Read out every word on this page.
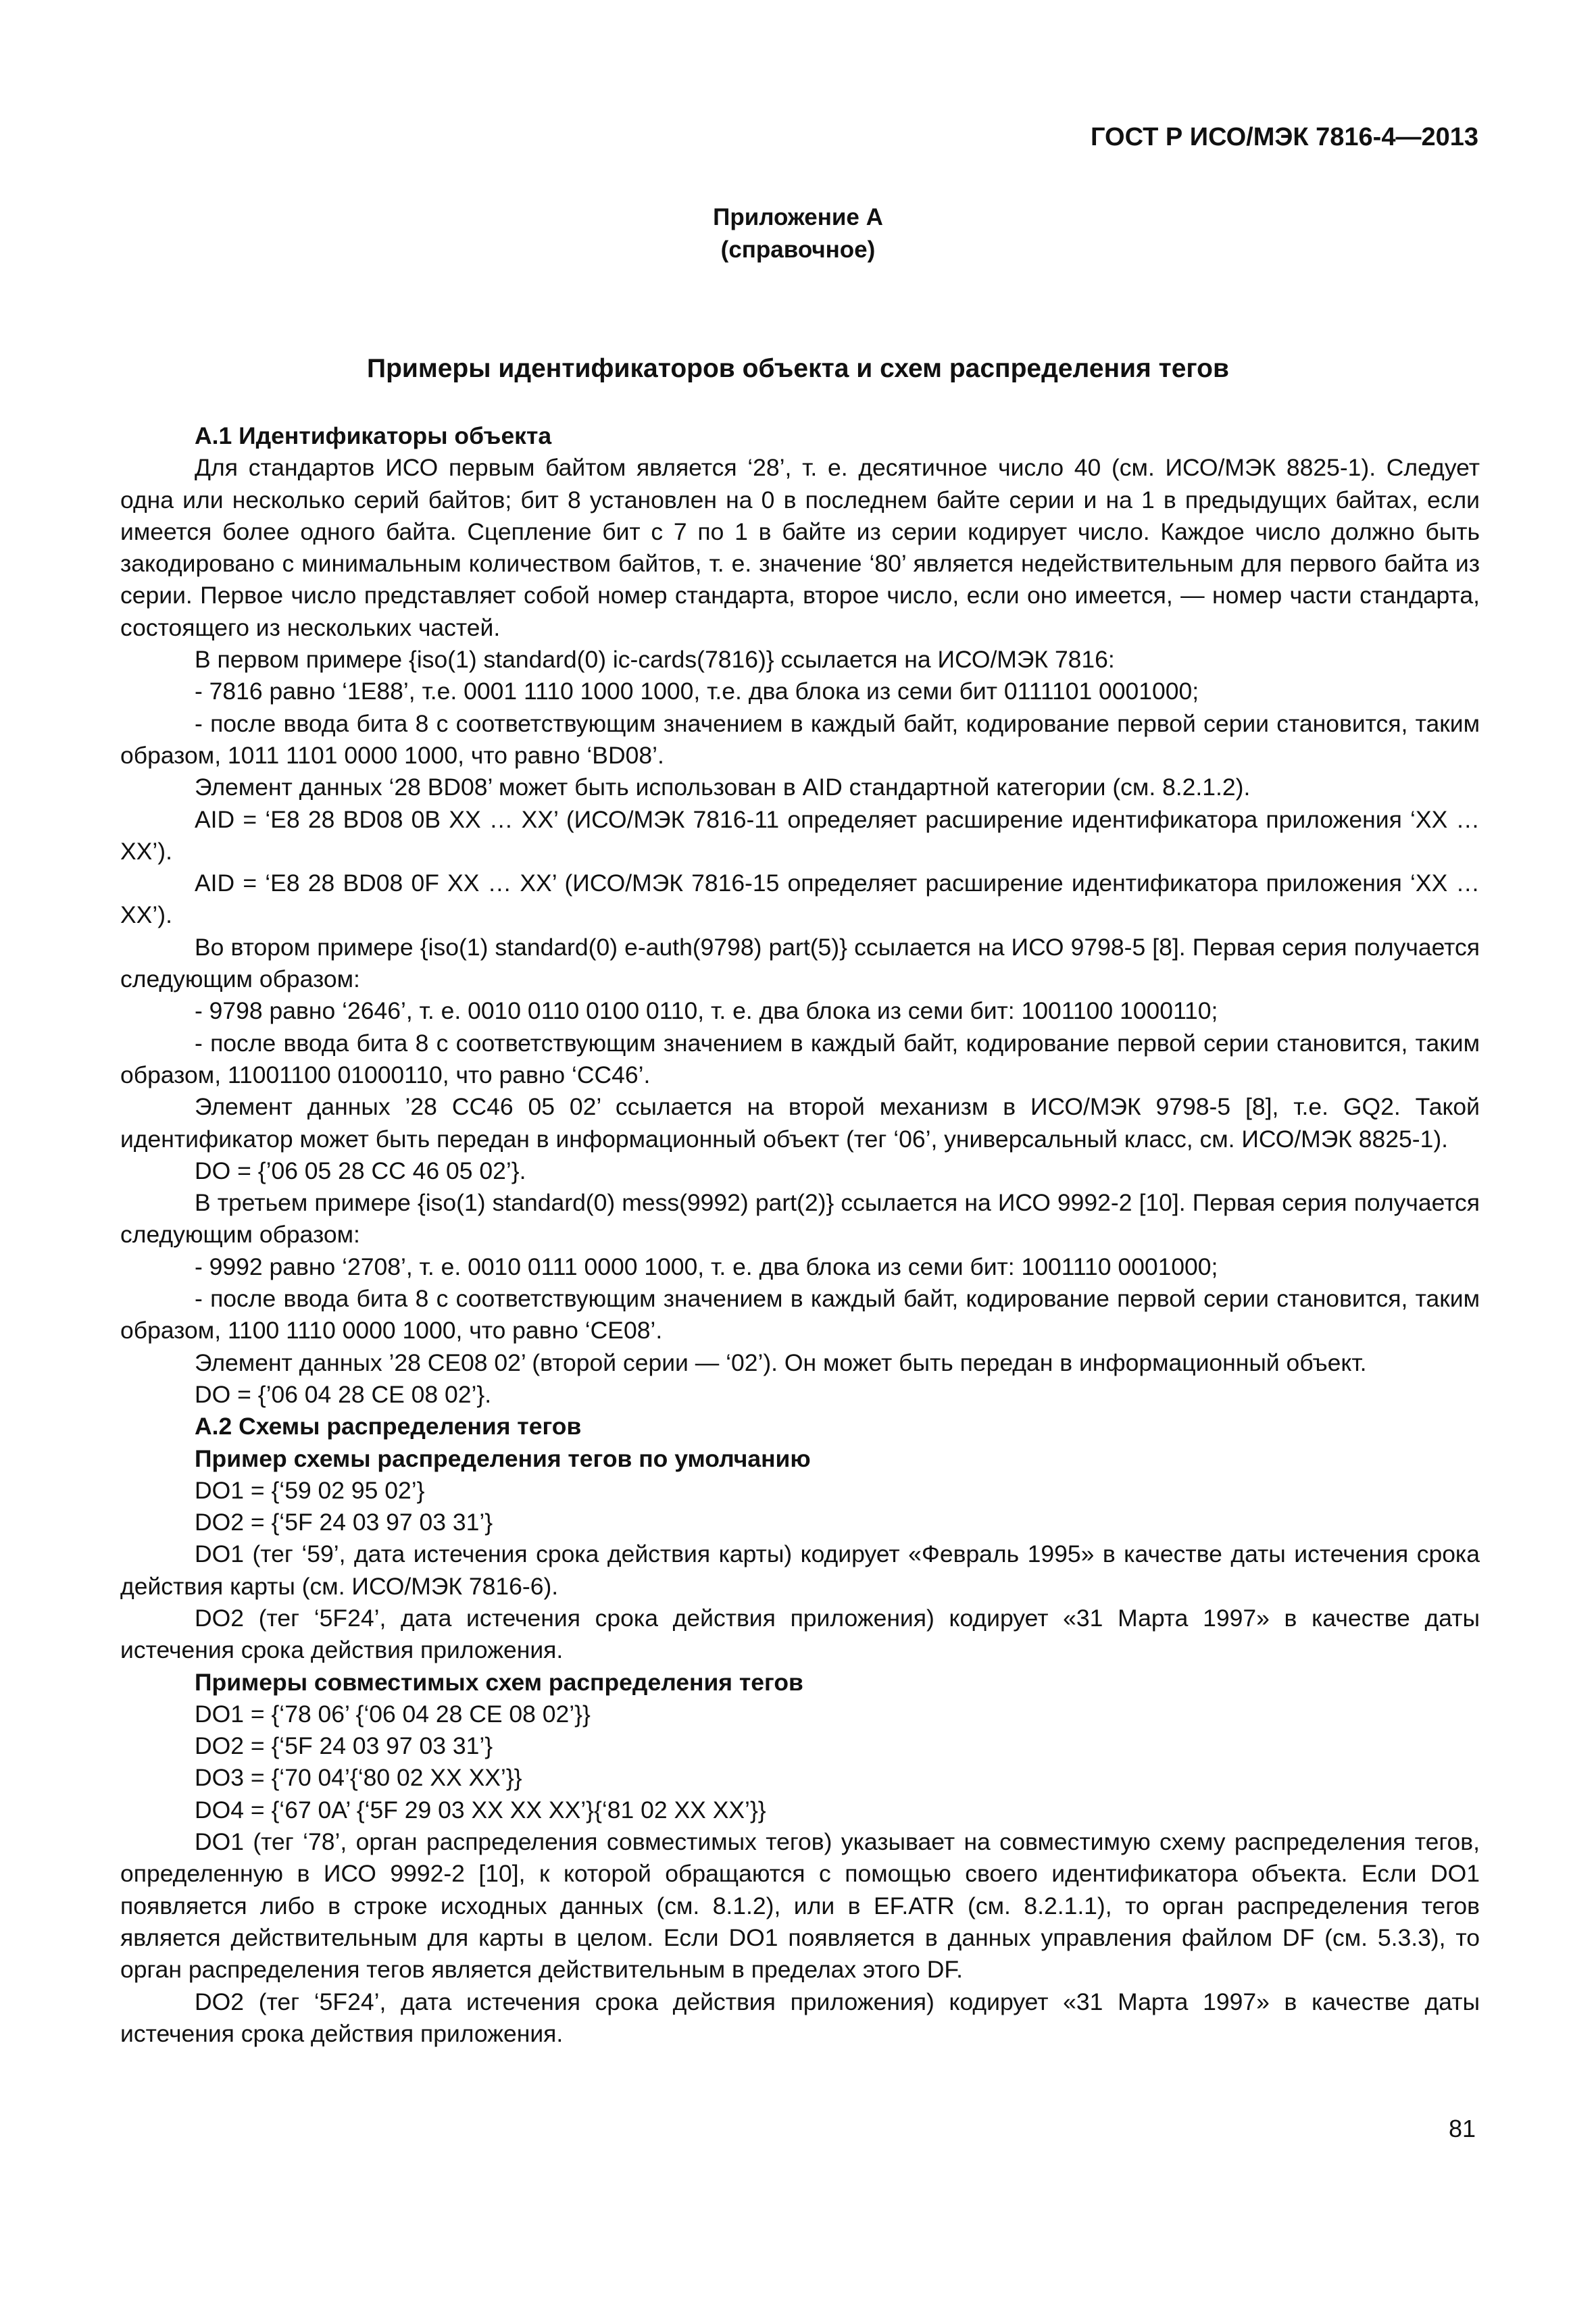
ГОСТ Р ИСО/МЭК 7816-4—2013
Приложение А
(справочное)
Примеры идентификаторов объекта и схем распределения тегов

А.1 Идентификаторы объекта

Для стандартов ИСО первым байтом является ‘28’, т. е. десятичное число 40 (см. ИСО/МЭК 8825-1). Следует одна или несколько серий байтов; бит 8 установлен на 0 в последнем байте серии и на 1 в предыдущих байтах, если имеется более одного байта. Сцепление бит с 7 по 1 в байте из серии кодирует число. Каждое число должно быть закодировано с минимальным количеством байтов, т. е. значение ‘80’ является недействительным для первого байта из серии. Первое число представляет собой номер стандарта, второе число, если оно имеется, — номер части стандарта, состоящего из нескольких частей.

В первом примере {iso(1) standard(0) ic-cards(7816)} ссылается на ИСО/МЭК 7816:

- 7816 равно ‘1E88’, т.е. 0001 1110 1000 1000, т.е. два блока из семи бит 0111101 0001000;

- после ввода бита 8 с соответствующим значением в каждый байт, кодирование первой серии становится, таким образом, 1011 1101 0000 1000, что равно ‘BD08’.

Элемент данных ‘28 BD08’ может быть использован в AID стандартной категории (см. 8.2.1.2).

AID = ‘E8 28 BD08 0B XX … XX’ (ИСО/МЭК 7816-11 определяет расширение идентификатора приложения ‘XX … XX’).

AID = ‘E8 28 BD08 0F XX … XX’ (ИСО/МЭК 7816-15 определяет расширение идентификатора приложения ‘XX … XX’).

Во втором примере {iso(1) standard(0) e-auth(9798) part(5)} ссылается на ИСО 9798-5 [8]. Первая серия получается следующим образом:

- 9798 равно ‘2646’, т. е. 0010 0110 0100 0110, т. е. два блока из семи бит: 1001100 1000110;

- после ввода бита 8 с соответствующим значением в каждый байт, кодирование первой серии становится, таким образом, 11001100 01000110, что равно ‘CC46’.

Элемент данных ’28 CC46 05 02’ ссылается на второй механизм в ИСО/МЭК 9798-5 [8], т.е. GQ2. Такой идентификатор может быть передан в информационный объект (тег ‘06’, универсальный класс, см. ИСО/МЭК 8825-1).

DO = {’06 05 28 CC 46 05 02’}.

В третьем примере {iso(1) standard(0) mess(9992) part(2)} ссылается на ИСО 9992-2 [10]. Первая серия получается следующим образом:

- 9992 равно ‘2708’, т. е. 0010 0111 0000 1000, т. е. два блока из семи бит: 1001110 0001000;

- после ввода бита 8 с соответствующим значением в каждый байт, кодирование первой серии становится, таким образом, 1100 1110 0000 1000, что равно ‘CE08’.

Элемент данных ’28 CE08 02’ (второй серии — ‘02’). Он может быть передан в информационный объект.

DO = {’06 04 28 CE 08 02’}.

А.2 Схемы распределения тегов

Пример схемы распределения тегов по умолчанию

DO1 = {‘59 02 95 02’}

DO2 = {‘5F 24 03 97 03 31’}

DO1 (тег ‘59’, дата истечения срока действия карты) кодирует «Февраль 1995» в качестве даты истечения срока действия карты (см. ИСО/МЭК 7816-6).

DO2 (тег ‘5F24’, дата истечения срока действия приложения) кодирует «31 Марта 1997» в качестве даты истечения срока действия приложения.

Примеры совместимых схем распределения тегов

DO1 = {‘78 06’ {‘06 04 28 CE 08 02’}}

DO2 = {‘5F 24 03 97 03 31’}

DO3 = {‘70 04’{‘80 02 XX XX’}}

DO4 = {‘67 0A’ {‘5F 29 03 XX XX XX’}{‘81 02 XX XX’}}

DO1 (тег ‘78’, орган распределения совместимых тегов) указывает на совместимую схему распределения тегов, определенную в ИСО 9992-2 [10], к которой обращаются с помощью своего идентификатора объекта. Если DO1 появляется либо в строке исходных данных (см. 8.1.2), или в EF.ATR (см. 8.2.1.1), то орган распределения тегов является действительным для карты в целом. Если DO1 появляется в данных управления файлом DF (см. 5.3.3), то орган распределения тегов является действительным в пределах этого DF.

DO2 (тег ‘5F24’, дата истечения срока действия приложения) кодирует «31 Марта 1997» в качестве даты истечения срока действия приложения.

81
